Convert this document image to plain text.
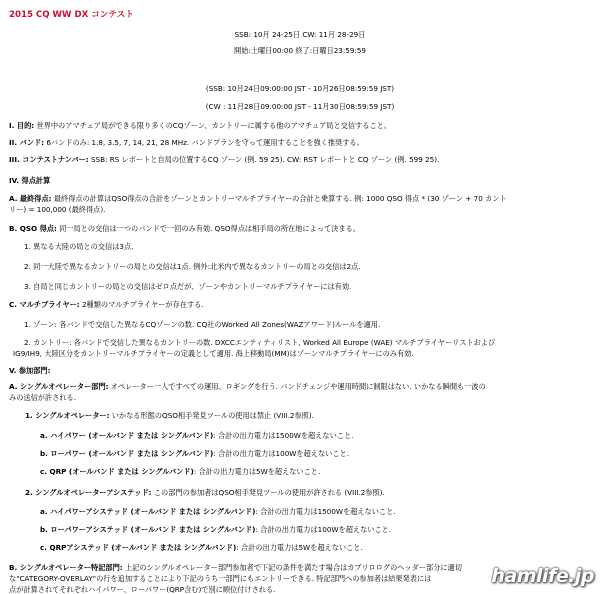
2015 CQ WW DX コンテスト
SSB: 10月 24-25日 CW: 11月 28-29日
開始:土曜日00:00 終了:日曜日23:59:59
(SSB: 10月24日09:00:00 JST - 10月26日08:59:59 JST)
(CW : 11月28日09:00:00 JST - 11月30日08:59:59 JST)
I. 目的: 世界中のアマチュア局ができる限り多くのCQゾーン、カントリーに属する他のアマチュア局と交信すること。
II. バンド: 6バンドのみ: 1.8, 3.5, 7, 14, 21, 28 MHz. バンドプランを守って運用することを強く推奨する。
III. コンテストナンバー: SSB: RS レポートと自局の位置するCQ ゾーン (例. 59 25). CW: RST レポートと CQ ゾーン (例. 599 25).
IV. 得点計算
A. 最終得点: 最終得点の計算はQSO得点の合計をゾーンとカントリーマルチプライヤーの合計と乗算する. 例: 1000 QSO 得点 * (30 ゾーン + 70 カント
リー) = 100,000 (最終得点).
B. QSO 得点: 同一局との交信は一つのバンドで一回のみ有効. QSO得点は相手局の所在地によって決まる。
1. 異なる大陸の局との交信は3点.
2. 同一大陸で異なるカントリーの局との交信は1点. 例外:北米内で異なるカントリーの局との交信は2点.
3. 自局と同じカントリーの局との交信はゼロ点だが、ゾーンやカントリーマルチプライヤーには有効.
C. マルチプライヤー: 2種類のマルチプライヤーが存在する.
1. ゾーン: 各バンドで交信した異なるCQゾーンの数. CQ社のWorked All Zones(WAZアワード)ルールを適用.
2. カントリー: 各バンドで交信した異なるカントリーの数. DXCCエンティティリスト, Worked All Europe (WAE) マルチプライヤーリストおよび
IG9/IH9, 大陸区分をカントリーマルチプライヤーの定義として適用. 海上移動局(MM)はゾーンマルチプライヤーにのみ有効.
V. 参加部門:
A. シングルオペレーター部門: オペレーター一人ですべての運用、ロギングを行う. バンドチェンジや運用時間に制限はない. いかなる瞬間も一波の
みの送信が許される.
1. シングルオペレーター: いかなる形態のQSO相手発見ツールの使用は禁止 (VIII.2参照).
a. ハイパワー (オールバンド または シングルバンド): 合計の出力電力は1500Wを超えないこと.
b. ローパワー (オールバンド または シングルバンド): 合計の出力電力は100Wを超えないこと.
c. QRP (オールバンド または シングルバンド): 合計の出力電力は5Wを超えないこと.
2. シングルオペレーターアシステッド: この部門の参加者はQSO相手発見ツールの使用が許される (VIII.2参照).
a. ハイパワーアシステッド (オールバンド または シングルバンド): 合計の出力電力は1500Wを超えないこと.
b. ローパワーアシステッド (オールバンド または シングルバンド): 合計の出力電力は100Wを超えないこと.
c. QRPアシステッド (オールバンド または シングルバンド): 合計の出力電力は5Wを超えないこと.
B. シングルオペレーター特記部門: 上記のシングルオペレーター部門参加者で下記の条件を満たす場合はカブリロログのヘッダー部分に適切
な"CATEGORY-OVERLAY"の行を追加することにより下記のうち一部門にもエントリーできる. 特記部門への参加者は結果発表には
点が計算されてそれぞれハイパワー、ローパワー(QRP含む)で別に順位付けされる.
hamlife.jp
